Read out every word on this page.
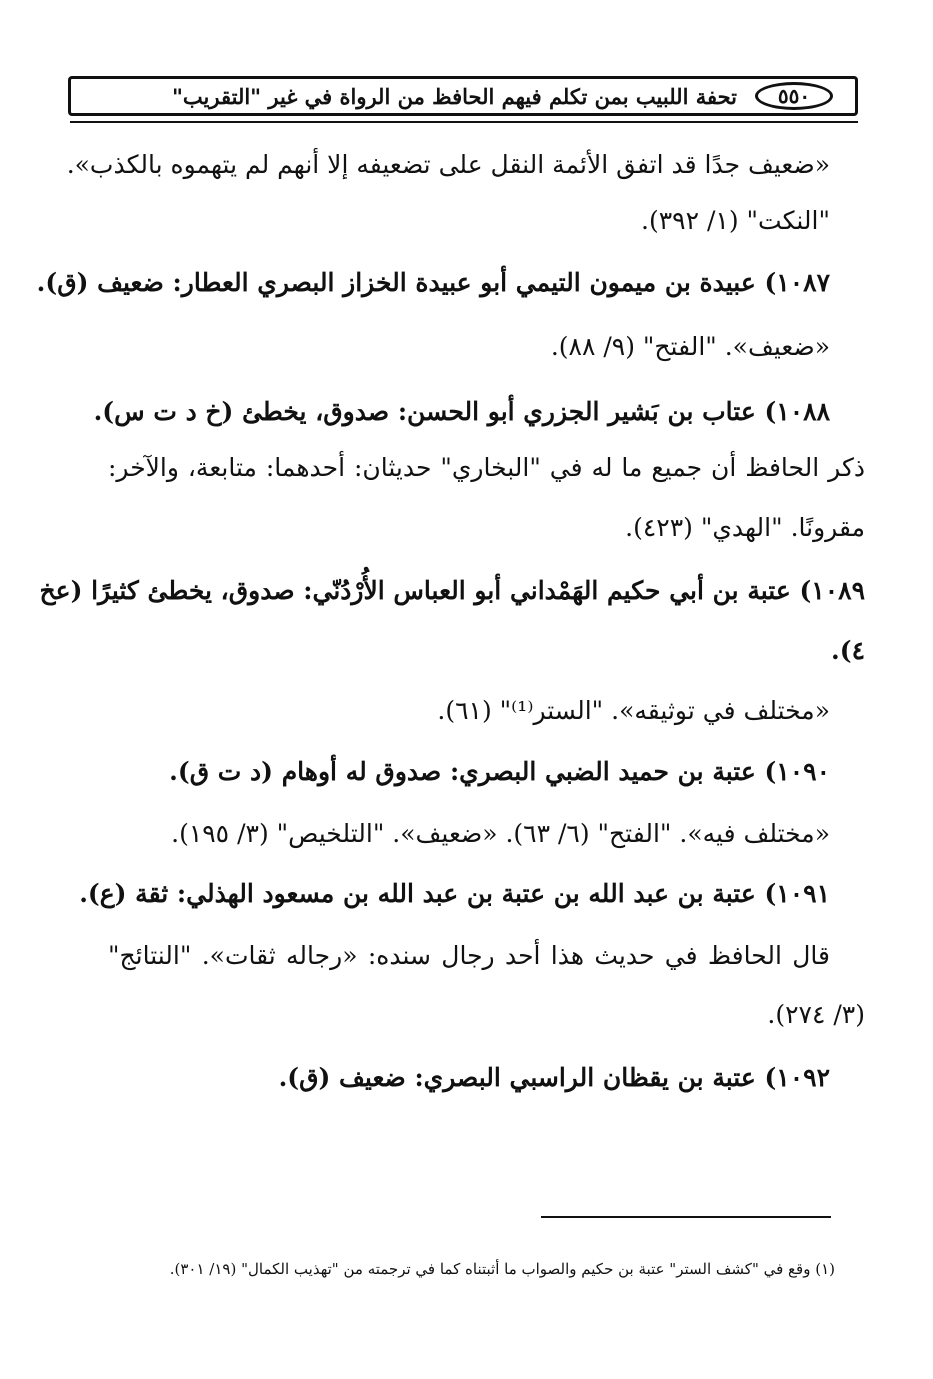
٥٥٠
تحفة اللبيب بمن تكلم فيهم الحافظ من الرواة في غير "التقريب"
«ضعيف جدًا قد اتفق الأئمة النقل على تضعيفه إلا أنهم لم يتهموه بالكذب».
"النكت" (١/ ٣٩٢).
١٠٨٧) عبيدة بن ميمون التيمي أبو عبيدة الخزاز البصري العطار: ضعيف (ق).
«ضعيف». "الفتح" (٩/ ٨٨).
١٠٨٨) عتاب بن بَشير الجزري أبو الحسن: صدوق، يخطئ (خ د ت س).
ذكر الحافظ أن جميع ما له في "البخاري" حديثان: أحدهما: متابعة، والآخر:
مقرونًا. "الهدي" (٤٢٣).
١٠٨٩) عتبة بن أبي حكيم الهَمْداني أبو العباس الأُرْدُنّي: صدوق، يخطئ كثيرًا (عخ
٤).
«مختلف في توثيقه». "الستر⁽¹⁾" (٦١).
١٠٩٠) عتبة بن حميد الضبي البصري: صدوق له أوهام (د ت ق).
«مختلف فيه». "الفتح" (٦/ ٦٣). «ضعيف». "التلخيص" (٣/ ١٩٥).
١٠٩١) عتبة بن عبد الله بن عتبة بن عبد الله بن مسعود الهذلي: ثقة (ع).
قال الحافظ في حديث هذا أحد رجال سنده: «رجاله ثقات». "النتائج"
(٣/ ٢٧٤).
١٠٩٢) عتبة بن يقظان الراسبي البصري: ضعيف (ق).
(١) وقع في "كشف الستر" عتبة بن حكيم والصواب ما أثبتناه كما في ترجمته من "تهذيب الكمال" (١٩/ ٣٠١).
